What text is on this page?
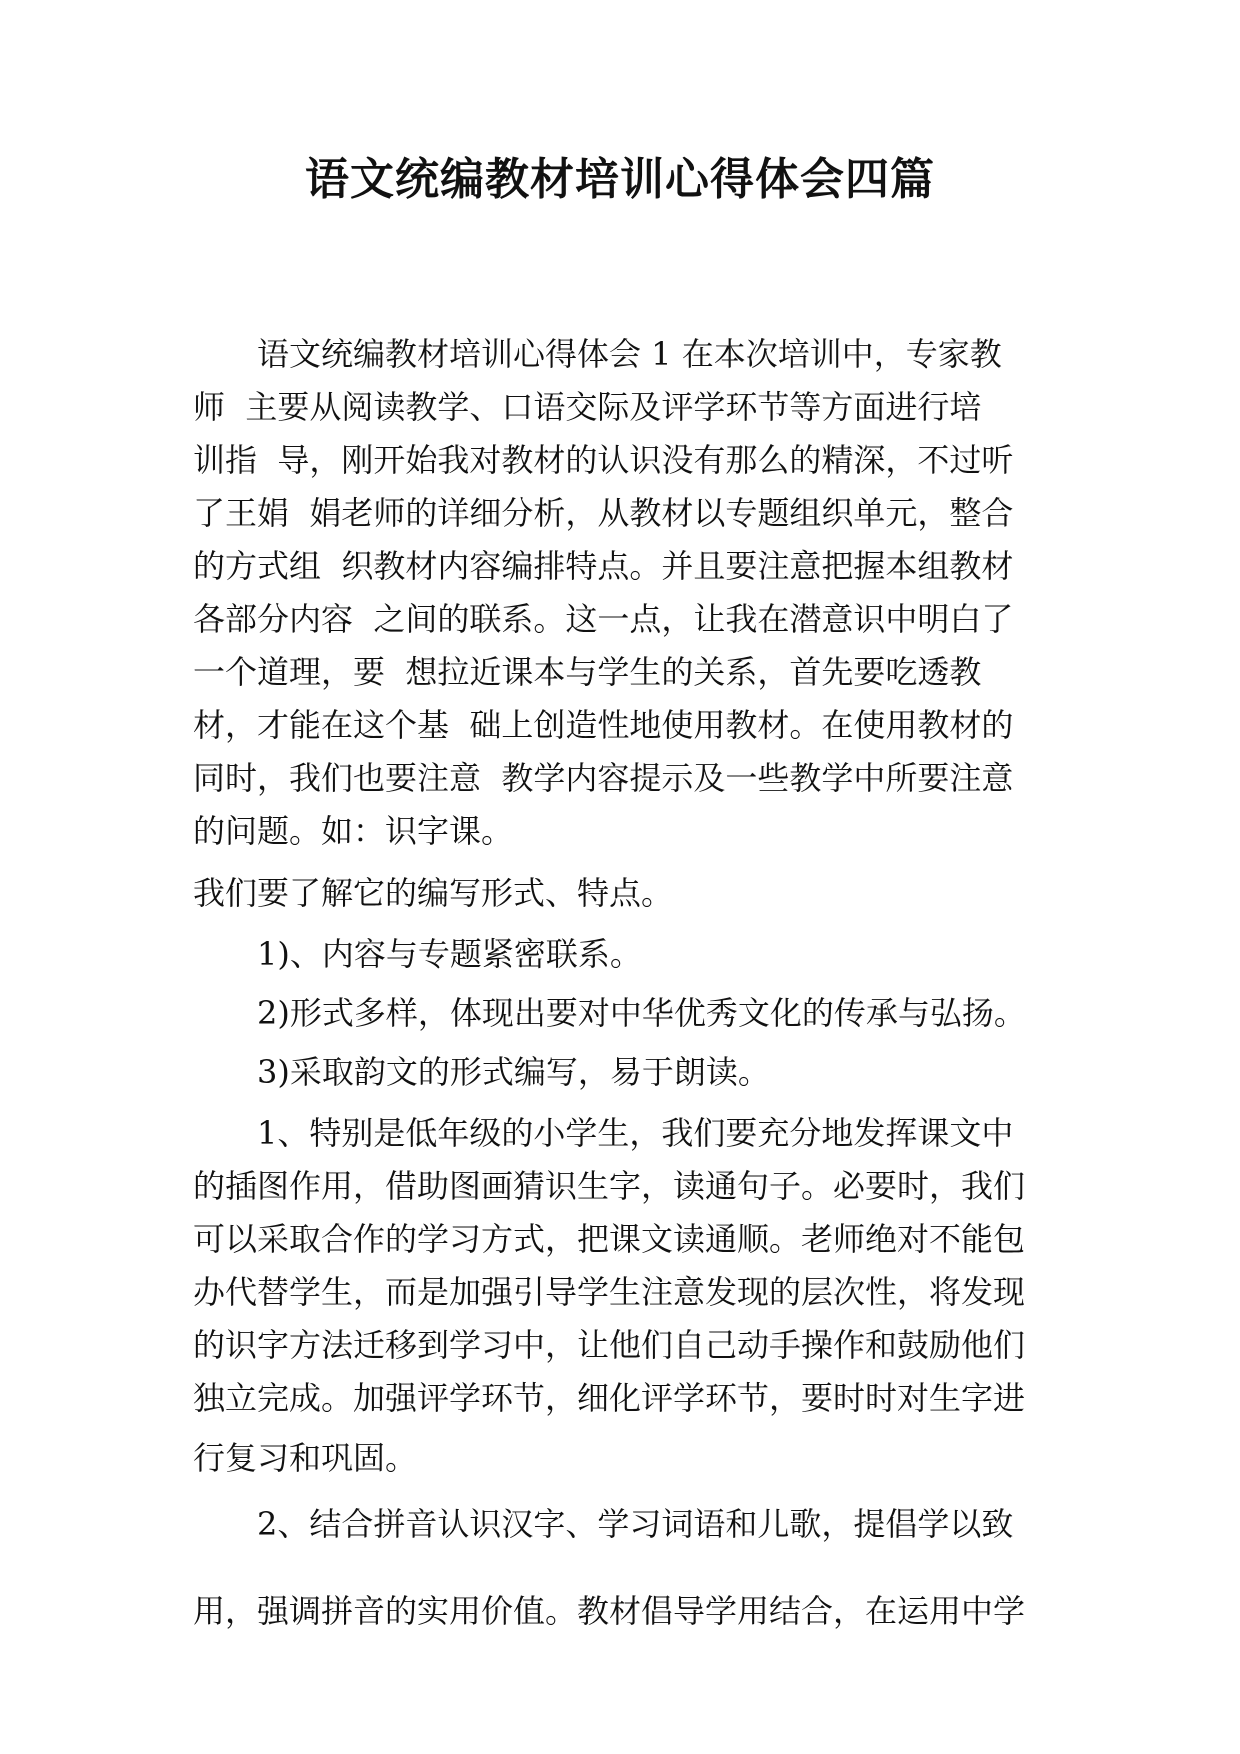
语文统编教材培训心得体会四篇

语文统编教材培训心得体会 1 在本次培训中，专家教

师  主要从阅读教学、口语交际及评学环节等方面进行培

训指  导，刚开始我对教材的认识没有那么的精深，不过听

了王娟  娟老师的详细分析，从教材以专题组织单元，整合

的方式组  织教材内容编排特点。并且要注意把握本组教材

各部分内容  之间的联系。这一点，让我在潜意识中明白了

一个道理，要  想拉近课本与学生的关系，首先要吃透教

材，才能在这个基  础上创造性地使用教材。在使用教材的

同时，我们也要注意  教学内容提示及一些教学中所要注意

的问题。如：识字课。

我们要了解它的编写形式、特点。

1)、内容与专题紧密联系。

2)形式多样，体现出要对中华优秀文化的传承与弘扬。

3)采取韵文的形式编写，易于朗读。

1、特别是低年级的小学生，我们要充分地发挥课文中

的插图作用，借助图画猜识生字，读通句子。必要时，我们

可以采取合作的学习方式，把课文读通顺。老师绝对不能包

办代替学生，而是加强引导学生注意发现的层次性，将发现

的识字方法迁移到学习中，让他们自己动手操作和鼓励他们

独立完成。加强评学环节，细化评学环节，要时时对生字进

行复习和巩固。

2、结合拼音认识汉字、学习词语和儿歌，提倡学以致

用，强调拼音的实用价值。教材倡导学用结合，在运用中学
